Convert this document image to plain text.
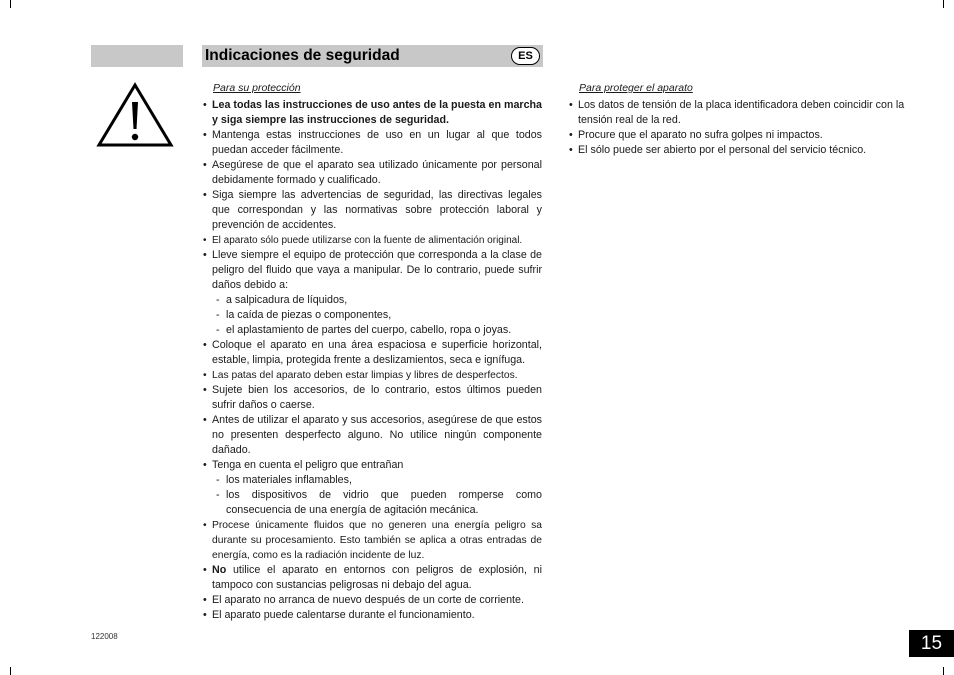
Indicaciones de seguridad	ES
Para su protección
• Lea todas las instrucciones de uso antes de la puesta en marcha y siga siempre las instrucciones de seguridad.
• Mantenga estas instrucciones de uso en un lugar al que todos puedan acceder fácilmente.
• Asegúrese de que el aparato sea utilizado únicamente por personal debidamente formado y cualificado.
• Siga siempre las advertencias de seguridad, las directivas legales que correspondan y las normativas sobre protección laboral y prevención de accidentes.
• El aparato sólo puede utilizarse con la fuente de alimentación original.
• Lleve siempre el equipo de protección que corresponda a la clase de peligro del fluido que vaya a manipular. De lo contrario, puede sufrir daños debido a:
- a salpicadura de líquidos,
- la caída de piezas o componentes,
- el aplastamiento de partes del cuerpo, cabello, ropa o joyas.
• Coloque el aparato en una área espaciosa e superficie horizontal, estable, limpia, protegida frente a deslizamientos, seca e ignífuga.
• Las patas del aparato deben estar limpias y libres de desperfectos.
• Sujete bien los accesorios, de lo contrario, estos últimos pueden sufrir daños o caerse.
• Antes de utilizar el aparato y sus accesorios, asegúrese de que estos no presenten desperfecto alguno. No utilice ningún componente dañado.
• Tenga en cuenta el peligro que entrañan
- los materiales inflamables,
- los dispositivos de vidrio que pueden romperse como consecuencia de una energía de agitación mecánica.
• Procese únicamente fluidos que no generen una energía peligro sa durante su procesamiento. Esto también se aplica a otras entradas de energía, como es la radiación incidente de luz.
• No utilice el aparato en entornos con peligros de explosión, ni tampoco con sustancias peligrosas ni debajo del agua.
• El aparato no arranca de nuevo después de un corte de corriente.
• El aparato puede calentarse durante el funcionamiento.
Para proteger el aparato
• Los datos de tensión de la placa identificadora deben coincidir con la tensión real de la red.
• Procure que el aparato no sufra golpes ni impactos.
• El sólo puede ser abierto por el personal del servicio técnico.
122008	15
